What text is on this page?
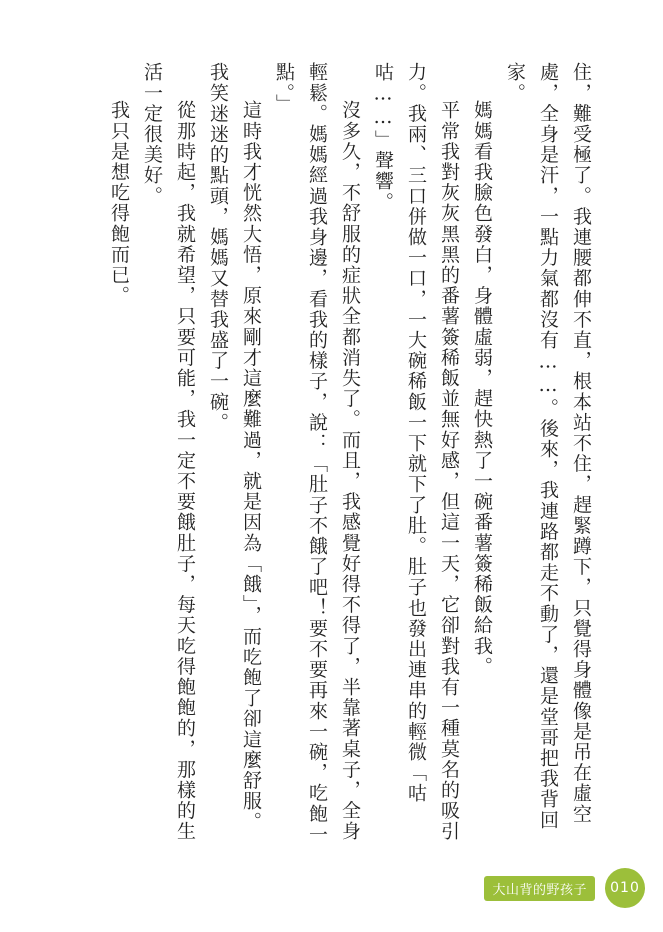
住，難受極了。我連腰都伸不直，根本站不住，趕緊蹲下，只覺得身體像是吊在虛空
處，全身是汗，一點力氣都沒有……。後來，我連路都走不動了，還是堂哥把我背回
家。
媽媽看我臉色發白，身體虛弱，趕快熱了一碗番薯簽稀飯給我。
平常我對灰灰黑黑的番薯簽稀飯並無好感，但這一天，它卻對我有一種莫名的吸引
力。我兩、三口併做一口，一大碗稀飯一下就下了肚。肚子也發出連串的輕微「咕
咕……」聲響。
沒多久，不舒服的症狀全都消失了。而且，我感覺好得不得了，半靠著桌子，全身
輕鬆。媽媽經過我身邊，看我的樣子，說：「肚子不餓了吧！要不要再來一碗，吃飽一
點。」
這時我才恍然大悟，原來剛才這麼難過，就是因為「餓」，而吃飽了卻這麼舒服。
我笑迷迷的點頭，媽媽又替我盛了一碗。
從那時起，我就希望，只要可能，我一定不要餓肚子，每天吃得飽飽的，那樣的生
活一定很美好。
我只是想吃得飽而已。
大山背的野孩子	010
